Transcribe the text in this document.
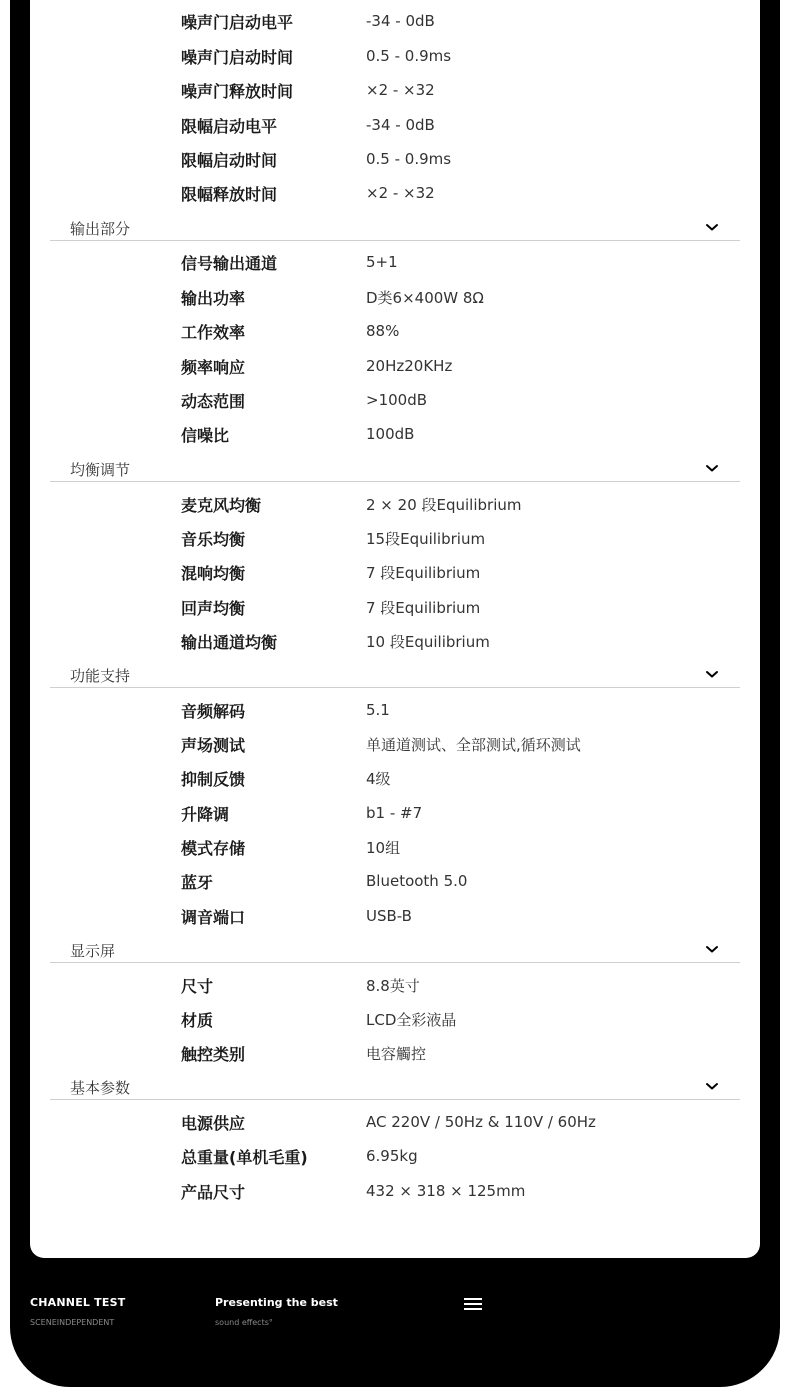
噪声门启动电平	-34 - 0dB
噪声门启动时间	0.5 - 0.9ms
噪声门释放时间	×2 - ×32
限幅启动电平	-34 - 0dB
限幅启动时间	0.5 - 0.9ms
限幅释放时间	×2 - ×32
输出部分
信号输出通道	5+1
输出功率	D类6×400W 8Ω
工作效率	88%
频率响应	20Hz20KHz
动态范围	>100dB
信噪比	100dB
均衡调节
麦克风均衡	2 × 20 段Equilibrium
音乐均衡	15段Equilibrium
混响均衡	7 段Equilibrium
回声均衡	7 段Equilibrium
输出通道均衡	10 段Equilibrium
功能支持
音频解码	5.1
声场测试	单通道测试、全部测试,循环测试
抑制反馈	4级
升降调	b1 - #7
模式存储	10组
蓝牙	Bluetooth 5.0
调音端口	USB-B
显示屏
尺寸	8.8英寸
材质	LCD全彩液晶
触控类别	电容觸控
基本参数
电源供应	AC 220V / 50Hz & 110V / 60Hz
总重量(单机毛重)	6.95kg
产品尺寸	432 × 318 × 125mm
CHANNEL TEST
SCENEINDEPENDENT
Presenting the best
sound effects°
